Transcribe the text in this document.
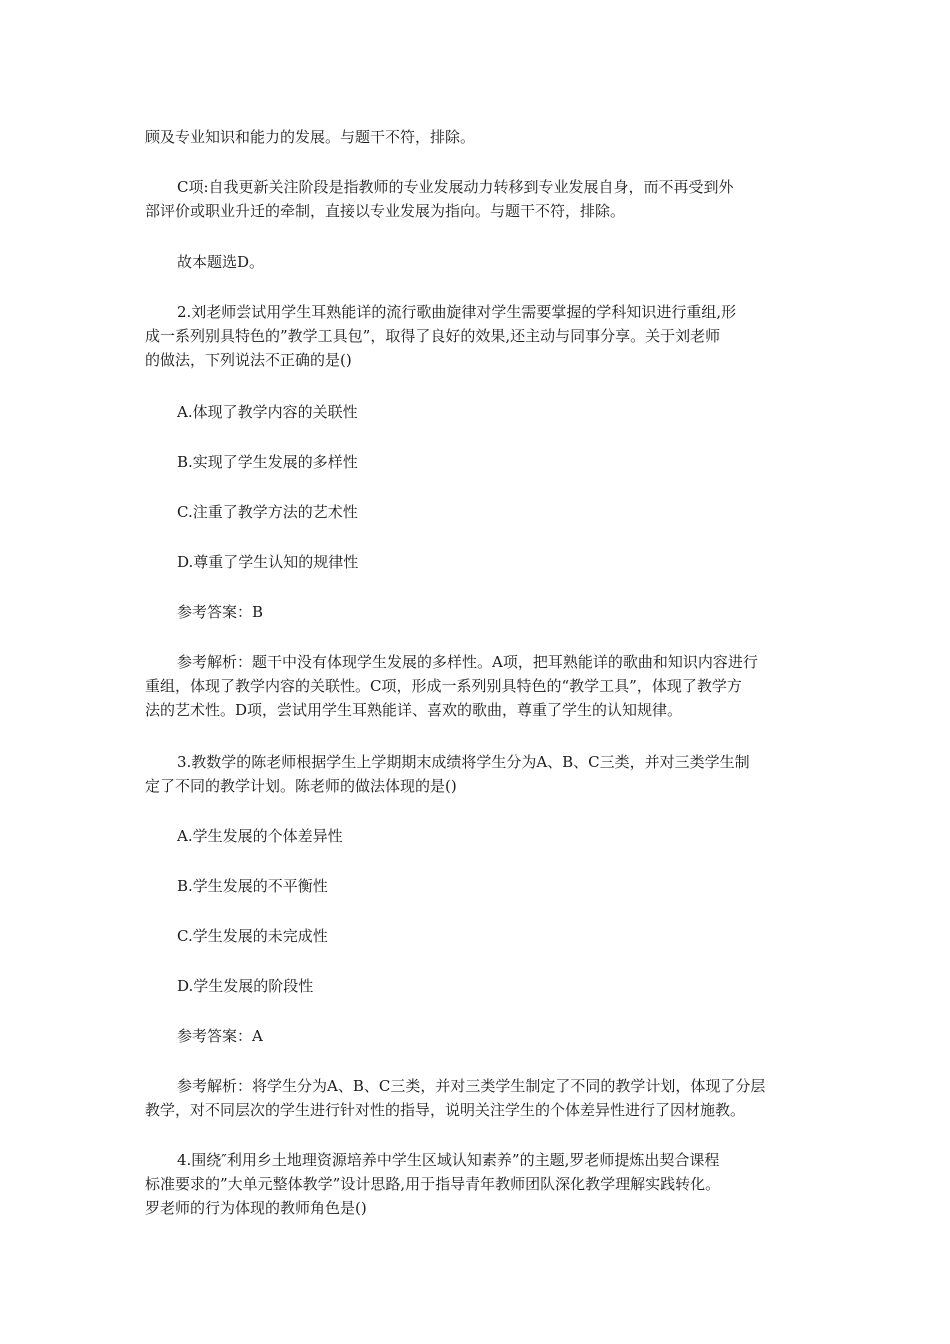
顾及专业知识和能力的发展。与题干不符，排除。

C项:自我更新关注阶段是指教师的专业发展动力转移到专业发展自身，而不再受到外
部评价或职业升迁的牵制，直接以专业发展为指向。与题干不符，排除。

故本题选D。

2.刘老师尝试用学生耳熟能详的流行歌曲旋律对学生需要掌握的学科知识进行重组,形
成一系列别具特色的”教学工具包”，取得了良好的效果,还主动与同事分享。关于刘老师
的做法，下列说法不正确的是()

A.体现了教学内容的关联性

B.实现了学生发展的多样性

C.注重了教学方法的艺术性

D.尊重了学生认知的规律性

参考答案：B

参考解析：题干中没有体现学生发展的多样性。A项，把耳熟能详的歌曲和知识内容进行
重组，体现了教学内容的关联性。C项，形成一系列别具特色的“教学工具”，体现了教学方
法的艺术性。D项，尝试用学生耳熟能详、喜欢的歌曲，尊重了学生的认知规律。

3.教数学的陈老师根据学生上学期期末成绩将学生分为A、B、C三类，并对三类学生制
定了不同的教学计划。陈老师的做法体现的是()

A.学生发展的个体差异性

B.学生发展的不平衡性

C.学生发展的未完成性

D.学生发展的阶段性

参考答案：A

参考解析：将学生分为A、B、C三类，并对三类学生制定了不同的教学计划，体现了分层
教学，对不同层次的学生进行针对性的指导，说明关注学生的个体差异性进行了因材施教。

4.围绕″利用乡土地理资源培养中学生区域认知素养”的主题,罗老师提炼出契合课程
标准要求的”大单元整体教学”设计思路,用于指导青年教师团队深化教学理解实践转化。
罗老师的行为体现的教师角色是()
